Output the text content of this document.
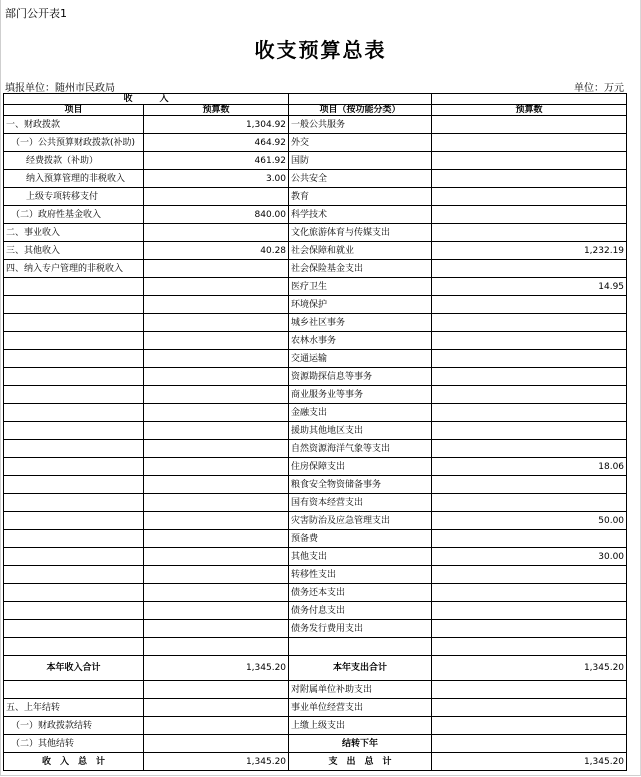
部门公开表1
收支预算总表
填报单位：随州市民政局	单位：万元
收　　　入			
项目	预算数	项目（按功能分类）	预算数
一、财政拨款	1,304.92	一般公共服务	
（一）公共预算财政拨款(补助)	464.92	外交	
经费拨款（补助）	461.92	国防	
纳入预算管理的非税收入	3.00	公共安全	
上级专项转移支付		教育	
（二）政府性基金收入	840.00	科学技术	
二、事业收入		文化旅游体育与传媒支出	
三、其他收入	40.28	社会保障和就业	1,232.19
四、纳入专户管理的非税收入		社会保险基金支出	
		医疗卫生	14.95
		环境保护	
		城乡社区事务	
		农林水事务	
		交通运输	
		资源勘探信息等事务	
		商业服务业等事务	
		金融支出	
		援助其他地区支出	
		自然资源海洋气象等支出	
		住房保障支出	18.06
		粮食安全物资储备事务	
		国有资本经营支出	
		灾害防治及应急管理支出	50.00
		预备费	
		其他支出	30.00
		转移性支出	
		债务还本支出	
		债务付息支出	
		债务发行费用支出	

本年收入合计	1,345.20	本年支出合计	1,345.20
		对附属单位补助支出	
五、上年结转		事业单位经营支出	
（一）财政拨款结转		上缴上级支出	
（二）其他结转		结转下年	
收　入　总　计	1,345.20	支　出　总　计	1,345.20
